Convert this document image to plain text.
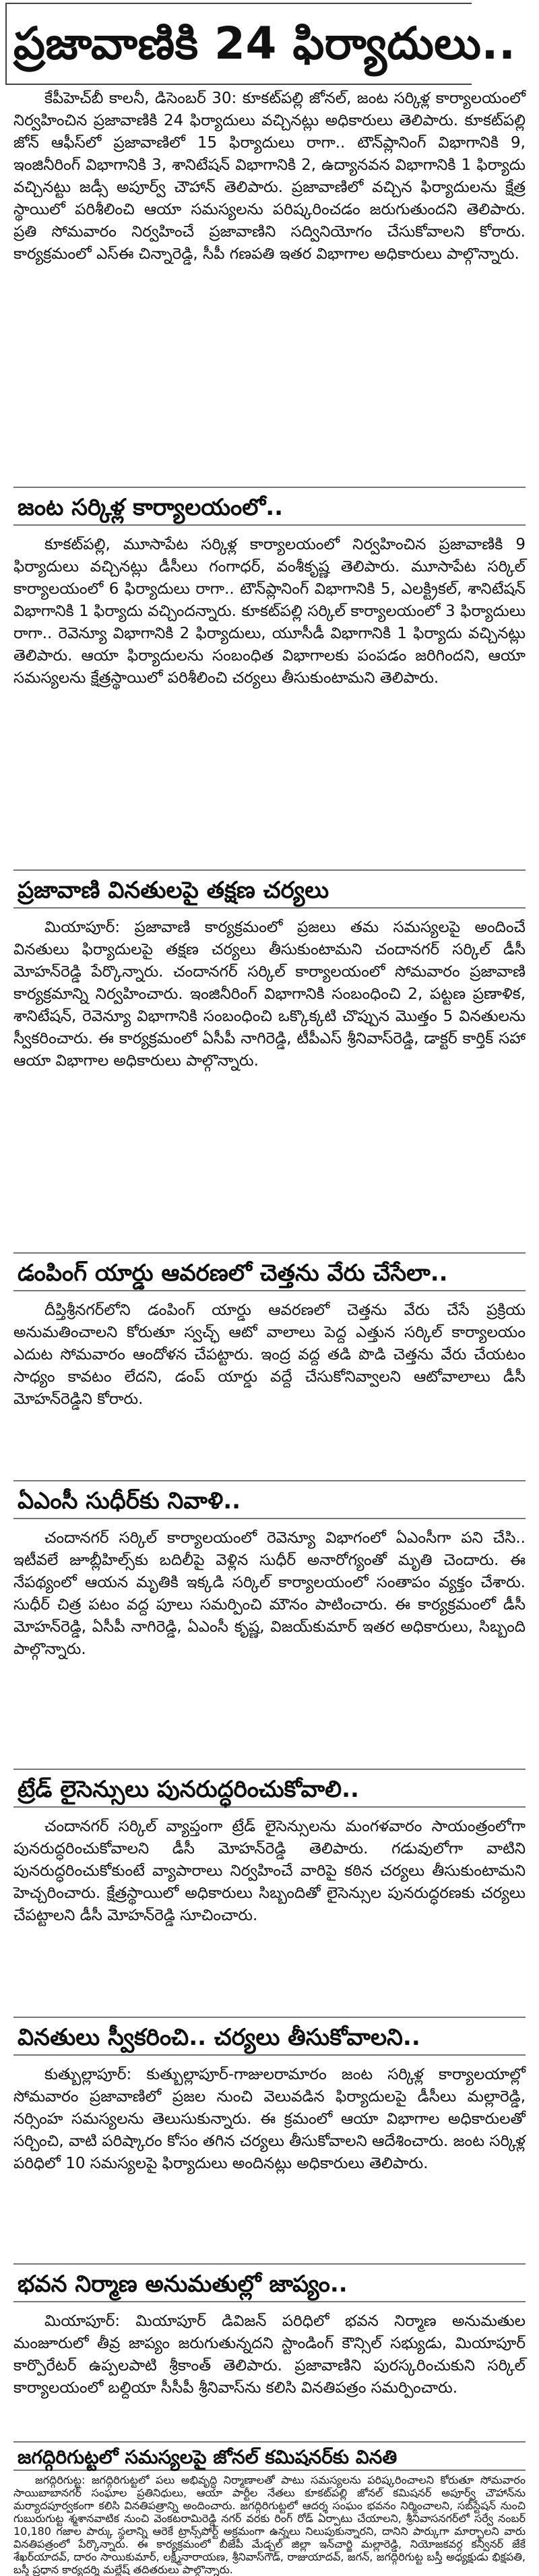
ప్రజావాణికి 24 ఫిర్యాదులు..

కేపీహెచ్‌బీ కాలనీ, డిసెంబర్ 30: కూకట్‌పల్లి జోనల్, జంట సర్కిళ్ల కార్యాలయంలో నిర్వహించిన ప్రజావాణికి 24 ఫిర్యాదులు వచ్చినట్లు అధికారులు తెలిపారు. కూకట్‌పల్లి జోన్ ఆఫీస్‌లో ప్రజావాణిలో 15 ఫిర్యాదులు రాగా.. టౌన్‌ప్లానింగ్ విభాగానికి 9, ఇంజినీరింగ్ విభాగానికి 3, శానిటేషన్ విభాగానికి 2, ఉద్యానవన విభాగానికి 1 ఫిర్యాదు వచ్చినట్టు జడ్సీ అపూర్వ్ చౌహాన్ తెలిపారు. ప్రజావాణిలో వచ్చిన ఫిర్యాదులను క్షేత్ర స్థాయిలో పరిశీలించి ఆయా సమస్యలను పరిష్కరించడం జరుగుతుందని తెలిపారు. ప్రతి సోమవారం నిర్వహించే ప్రజావాణిని సద్వినియోగం చేసుకోవాలని కోరారు. కార్యక్రమంలో ఎస్ఈ చిన్నారెడ్డి, సీపీ గణపతి ఇతర విభాగాల అధికారులు పాల్గొన్నారు.

జంట సర్కిళ్ల కార్యాలయంలో..

కూకట్‌పల్లి, మూసాపేట సర్కిళ్ల కార్యాలయంలో నిర్వహించిన ప్రజావాణికి 9 ఫిర్యాదులు వచ్చినట్లు డీసీలు గంగాధర్, వంశీకృష్ణ తెలిపారు. మూసాపేట సర్కిల్ కార్యాలయంలో 6 ఫిర్యాదులు రాగా.. టౌన్‌ప్లానింగ్ విభాగానికి 5, ఎలక్ట్రికల్, శానిటేషన్ విభాగానికి 1 ఫిర్యాదు వచ్చిందన్నారు. కూకట్‌పల్లి సర్కిల్ కార్యాలయంలో 3 ఫిర్యాదులు రాగా.. రెవెన్యూ విభాగానికి 2 ఫిర్యాదులు, యూసీడీ విభాగానికి 1 ఫిర్యాదు వచ్చినట్లు తెలిపారు. ఆయా ఫిర్యాదులను సంబంధిత విభాగాలకు పంపడం జరిగిందని, ఆయా సమస్యలను క్షేత్రస్థాయిలో పరిశీలించి చర్యలు తీసుకుంటామని తెలిపారు.

ప్రజావాణి వినతులపై తక్షణ చర్యలు

మియాపూర్: ప్రజావాణి కార్యక్రమంలో ప్రజలు తమ సమస్యలపై అందించే వినతులు ఫిర్యాదులపై తక్షణ చర్యలు తీసుకుంటామని చందానగర్ సర్కిల్ డీసీ మోహన్‌రెడ్డి పేర్కొన్నారు. చందానగర్ సర్కిల్ కార్యాలయంలో సోమవారం ప్రజావాణి కార్యక్రమాన్ని నిర్వహించారు. ఇంజినీరింగ్ విభాగానికి సంబంధించి 2, పట్టణ ప్రణాళిక, శానిటేషన్, రెవెన్యూ విభాగానికి సంబంధించి ఒక్కొక్కటి చొప్పున మొత్తం 5 వినతులను స్వీకరించారు. ఈ కార్యక్రమంలో ఏసీపీ నాగిరెడ్డి, టీపీఎస్ శ్రీనివాస్‌రెడ్డి, డాక్టర్ కార్తిక్ సహా ఆయా విభాగాల అధికారులు పాల్గొన్నారు.

డంపింగ్ యార్డు ఆవరణలో చెత్తను వేరు చేసేలా..

దీప్తిశ్రీనగర్‌లోని డంపింగ్ యార్డు ఆవరణలో చెత్తను వేరు చేసే ప్రక్రియ అనుమతించాలని కోరుతూ స్వచ్ఛ్ ఆటో వాలాలు పెద్ద ఎత్తున సర్కిల్ కార్యాలయం ఎదుట సోమవారం ఆందోళన చేపట్టారు. ఇంద్ర వద్ద తడి పొడి చెత్తను వేరు చేయటం సాధ్యం కావటం లేదని, డంప్ యార్డు వద్దే చేసుకోనివ్వాలని ఆటోవాలాలు డీసీ మోహన్‌రెడ్డిని కోరారు.

ఏఎంసీ సుధీర్‌కు నివాళి..

చందానగర్ సర్కిల్ కార్యాలయంలో రెవెన్యూ విభాగంలో ఏఎంసీగా పని చేసి.. ఇటీవలే జూబ్లీహిల్స్‌కు బదిలీపై వెళ్లిన సుధీర్ అనారోగ్యంతో మృతి చెందారు. ఈ నేపథ్యంలో ఆయన మృతికి ఇక్కడి సర్కిల్ కార్యాలయంలో సంతాపం వ్యక్తం చేశారు. సుధీర్ చిత్ర పటం వద్ద పూలు సమర్పించి మౌనం పాటించారు. ఈ కార్యక్రమంలో డీసీ మోహన్‌రెడ్డి, ఏసీపీ నాగిరెడ్డి, ఏఎంసీ కృష్ణ, విజయ్‌కుమార్ ఇతర అధికారులు, సిబ్బంది పాల్గొన్నారు.

ట్రేడ్ లైసెన్సులు పునరుద్ధరించుకోవాలి..

చందానగర్ సర్కిల్ వ్యాప్తంగా ట్రేడ్ లైసెన్సులను మంగళవారం సాయంత్రంలోగా పునరుద్ధరించుకోవాలని డీసీ మోహన్‌రెడ్డి తెలిపారు. గడువులోగా వాటిని పునరుద్ధరించుకోకుంటే వ్యాపారాలు నిర్వహించే వారిపై కఠిన చర్యలు తీసుకుంటామని హెచ్చరించారు. క్షేత్రస్థాయిలో అధికారులు సిబ్బందితో లైసెన్సుల పునరుద్ధరణకు చర్యలు చేపట్టాలని డీసీ మోహన్‌రెడ్డి సూచించారు.

వినతులు స్వీకరించి.. చర్యలు తీసుకోవాలని..

కుత్బుల్లాపూర్: కుత్బుల్లాపూర్-గాజులరామారం జంట సర్కిళ్ల కార్యాలయాల్లో సోమవారం ప్రజావాణిలో ప్రజల నుంచి వెలువడిన ఫిర్యాదులపై డీసీలు మల్లారెడ్డి, నర్సింహ సమస్యలను తెలుసుకున్నారు. ఈ క్రమంలో ఆయా విభాగాల అధికారులతో సర్చించి, వాటి పరిష్కారం కోసం తగిన చర్యలు తీసుకోవాలని ఆదేశించారు. జంట సర్కిళ్ల పరిధిలో 10 సమస్యలపై ఫిర్యాదులు అందినట్లు అధికారులు తెలిపారు.

భవన నిర్మాణ అనుమతుల్లో జాప్యం..

మియాపూర్: మియాపూర్ డివిజన్ పరిధిలో భవన నిర్మాణ అనుమతుల మంజూరులో తీవ్ర జాప్యం జరుగుతున్నదని స్టాండింగ్ కౌన్సిల్ సభ్యుడు, మియాపూర్ కార్పొరేటర్ ఉప్పలపాటి శ్రీకాంత్ తెలిపారు. ప్రజావాణిని పురస్కరించుకుని సర్కిల్ కార్యాలయంలో బల్దియా సీసీపీ శ్రీనివాస్‌ను కలిసి వినతిపత్రం సమర్పించారు.

జగద్గిరిగుట్టలో సమస్యలపై జోనల్ కమిషనర్‌కు వినతి

జగద్గిరిగుట్ట: జగద్గిరిగుట్టలో పలు అభివృద్ధి నిర్మాణాలతో పాటు సమస్యలను పరిష్కరించాలని కోరుతూ సోమవారం సాయిబాబానగర్ సంఘాల ప్రతినిధులు, ఆయా పార్టీల నేతలు కూకట్‌పల్లి జోనల్ కమిషనర్ అపూర్వ్ చౌహాన్‌ను మర్యాదపూర్వకంగా కలిసి వినతిపత్రాన్ని అందించారు. జగద్గిరిగుట్టలో ఆదర్శ సంఘం భవనం నిర్మించాలని, సబ్‌స్టేషన్ నుంచి గుబురుగుట్ట శ్మశానవాటిక నుంచి వెంకటరామిరెడ్డి నగర్ వరకు రింగ్ రోడ్ ఏర్పాటు చేయాలని, శ్రీనివాసనగర్‌లో సర్వే నంబర్ 10,180 గజాల పార్కు స్థలాన్ని ఆరెకే ట్రాన్స్‌పోర్ట్ అక్రమంగా ఉన్నలు నిలుపుకున్నారని, దానిని పార్కుగా మార్చాలని వారు వినతిపత్రంలో పేర్కొన్నారు. ఈ కార్యక్రమంలో బీజేపీ మేడ్చల్ జిల్లా ఇన్‌చార్జి మల్లారెడ్డి, నియోజకవర్గ కన్వీనర్ జేకే శేఖర్‌యాదవ్, దారం సాయికుమార్, లక్ష్మీనారాయణ, శ్రీనివాస్‌గౌడ్, రాజుయాదవ్, జగన్, జగద్గిరిగుట్ట బస్తీ అధ్యక్షుడు భిక్షపతి, బస్తీ ప్రధాన కార్యదర్శి మల్లేష్ తదితరులు పాల్గొన్నారు.
